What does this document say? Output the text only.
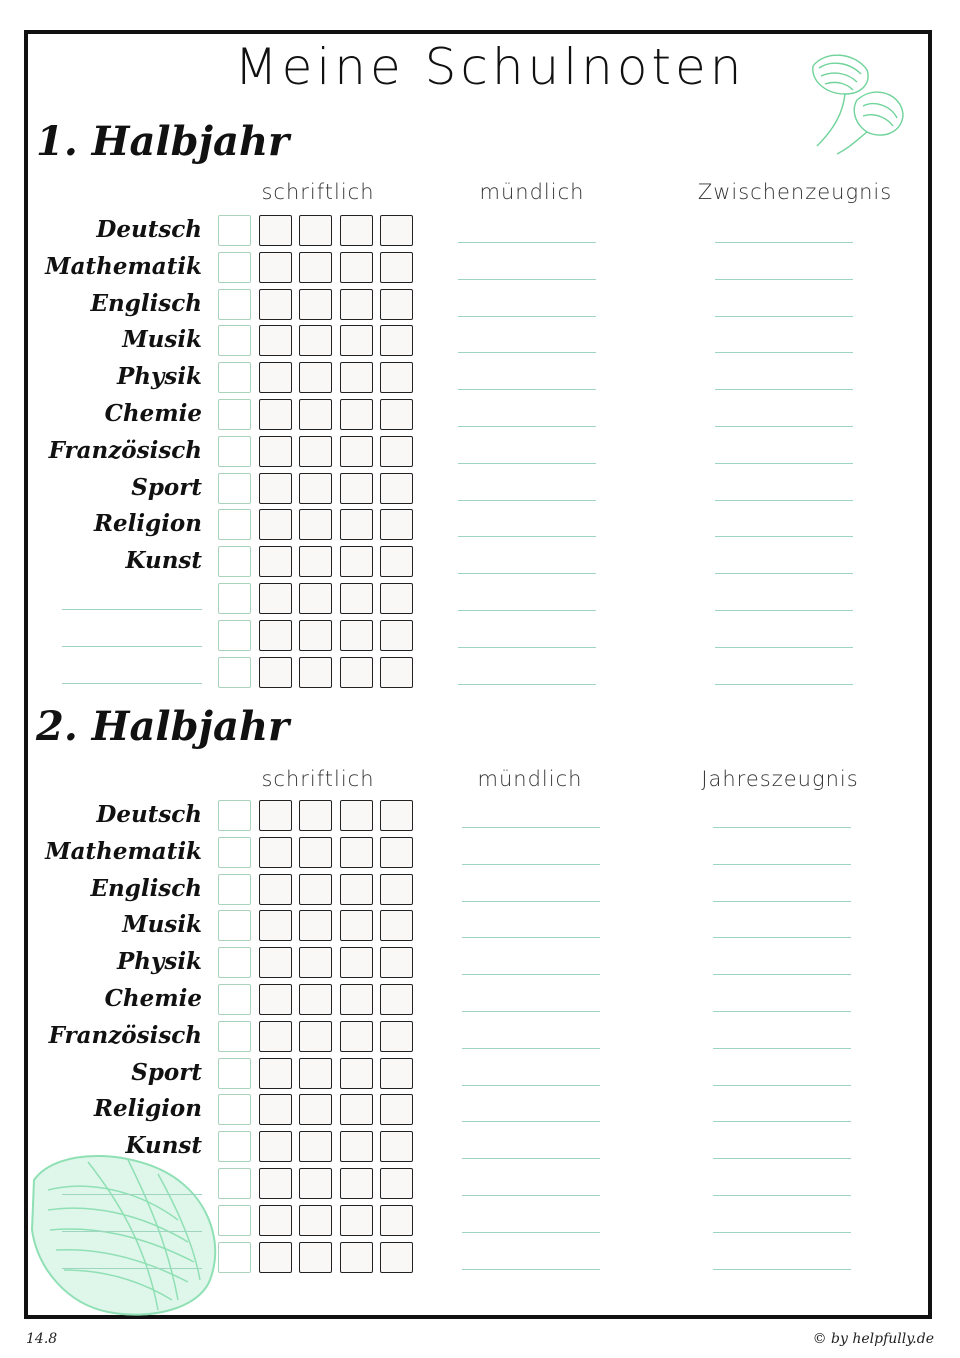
Meine Schulnoten
1. Halbjahr
schriftlich	mündlich	Zwischenzeugnis
Deutsch
Mathematik
Englisch
Musik
Physik
Chemie
Französisch
Sport
Religion
Kunst
2. Halbjahr
schriftlich	mündlich	Jahreszeugnis
Deutsch
Mathematik
Englisch
Musik
Physik
Chemie
Französisch
Sport
Religion
Kunst
14.8	© by helpfully.de
